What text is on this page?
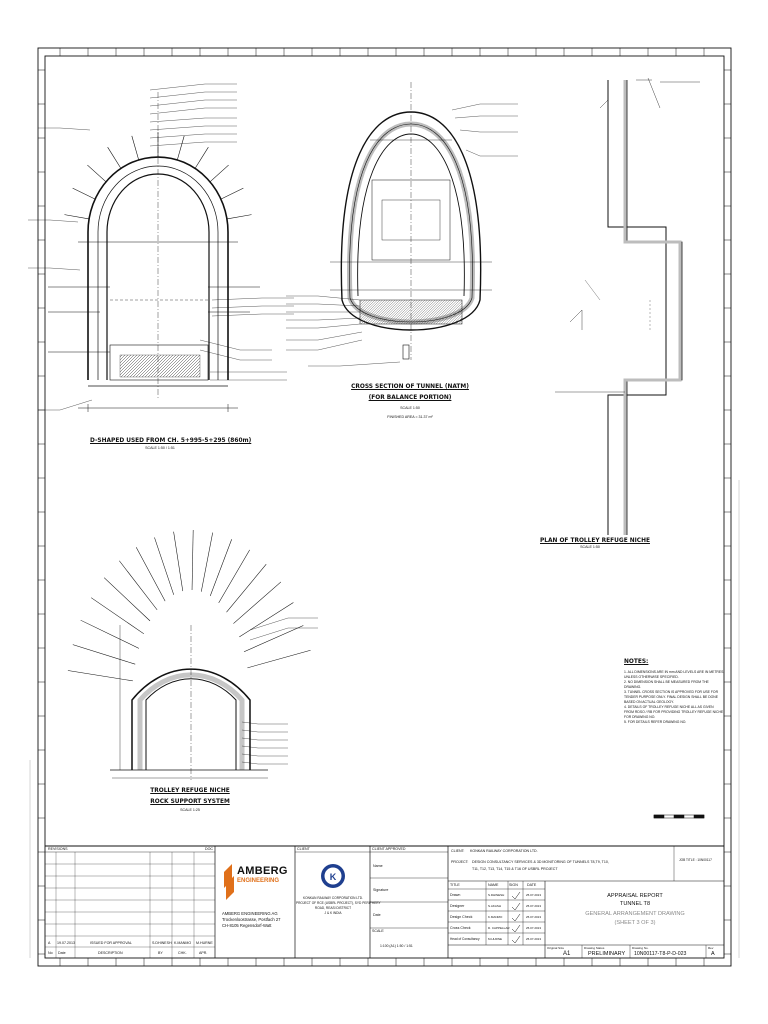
K
D-SHAPED USED FROM CH. 5+995-5+295 (860m)
SCALE 1:50 / 1:51
CROSS SECTION OF TUNNEL (NATM)
(FOR BALANCE PORTION)
SCALE 1:50
FINISHED AREA = 31.37 m²
PLAN OF TROLLEY REFUGE NICHE
SCALE 1:50
TROLLEY REFUGE NICHE
ROCK SUPPORT SYSTEM
SCALE 1:25
NOTES:
1. ALL DIMENSIONS ARE IN mm AND LEVELS ARE IN METRES UNLESS OTHERWISE SPECIFIED.
2. NO DIMENSION SHALL BE MEASURED FROM THE DRAWING.
3. TUNNEL CROSS SECTION IS APPROVED FOR USE FOR TENDER PURPOSE ONLY. FINAL DESIGN SHALL BE DONE BASED ON ACTUAL GEOLOGY.
4. DETAILS OF TROLLEY REFUGE NICHE ALL AS GIVEN FROM RDSO / RB FOR PROVIDING TROLLEY REFUGE NICHE FOR DRAWING NO.
5. FOR DETAILS REFER DRAWING NO.
REVISIONS	DOC
A 19.07.2013	ISSUED FOR APPROVAL	S.DHINESH K.MANMO M.HURNE
No Date	DESCRIPTION	BY	CHK.	APR.
AMBERG
ENGINEERING
AMBERG ENGINEERING AG
Trockenloostrasse, Postfach 27
CH-8105 Regensdorf-Watt
CLIENT
KONKAN RAILWAY CORPORATION LTD.
PROJECT OF RCE (USBRL PROJECT), SYD PERIPHERY
ROAD, REASI DISTRICT
J & K INDIA
CLIENT APPROVED
Name
Signature
Date
SCALE
1:100 (A1) 1:50 / 1:51
CLIENT: KONKAN RAILWAY CORPORATION LTD.
PROJECT: DESIGN CONSULTANCY SERVICES & 3D MONITORING OF TUNNELS T8,T9, T10,
T11, T12, T13, T14, T15 & T16 OF USBRL PROJECT
JOB TITLE : 10N00117
TITLE	NAME	SIGN	DATE
Drawn	S.DHINESH	25.07.2013
Designer	S.AKASH	25.07.2013
Design Check	K.MANMO	25.07.2013
Cross Check	D. CAPPELLAR	25.07.2013
Head of Consultancy	M.HURNE	25.07.2013
APPRAISAL REPORT
TUNNEL T8
GENERAL ARRANGEMENT DRAWING
(SHEET 3 OF 3)
Original Size
A1
Drawing Status
PRELIMINARY
Drawing No.
10N00117-T8-P-D-023
Rev
A
